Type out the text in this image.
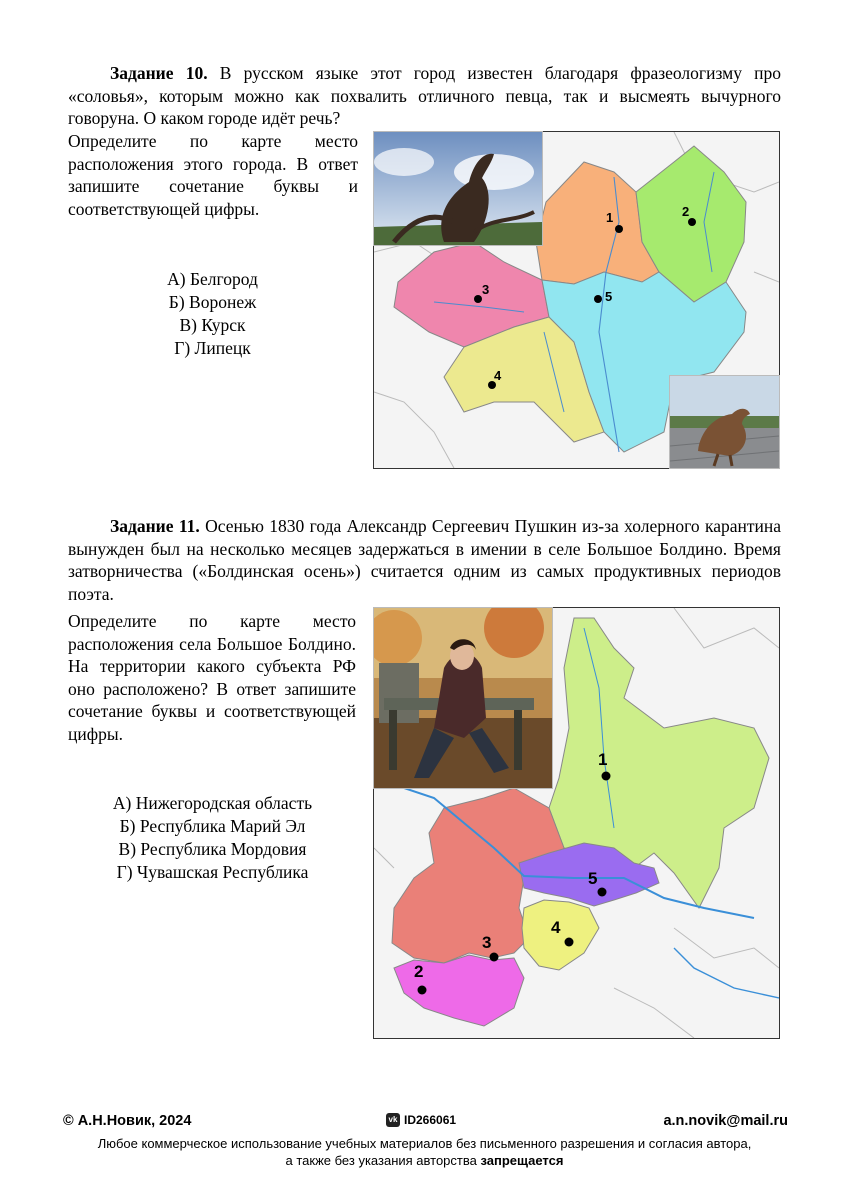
Задание 10. В русском языке этот город известен благодаря фразеологизму про «соловья», которым можно как похвалить отличного певца, так и высмеять вычурного говоруна. О каком городе идёт речь?

Определите по карте место расположения этого города. В ответ запишите сочетание буквы и соответствующей цифры.

А) Белгород
Б) Воронеж
В) Курск
Г) Липецк
1	2
3
4
5

Задание 11. Осенью 1830 года Александр Сергеевич Пушкин из-за холерного карантина вынужден был на несколько месяцев задержаться в имении в селе Большое Болдино. Время затворничества («Болдинская осень») считается одним из самых продуктивных периодов поэта.

Определите по карте место расположения села Большое Болдино. На территории какого субъекта РФ оно расположено? В ответ запишите сочетание буквы и соответствующей цифры.

А) Нижегородская область
Б) Республика Марий Эл
В) Республика Мордовия
Г) Чувашская Республика
1
2
3
4
5
© А.Н.Новик, 2024	vk ID266061	a.n.novik@mail.ru
Любое коммерческое использование учебных материалов без письменного разрешения и согласия автора,
а также без указания авторства запрещается
